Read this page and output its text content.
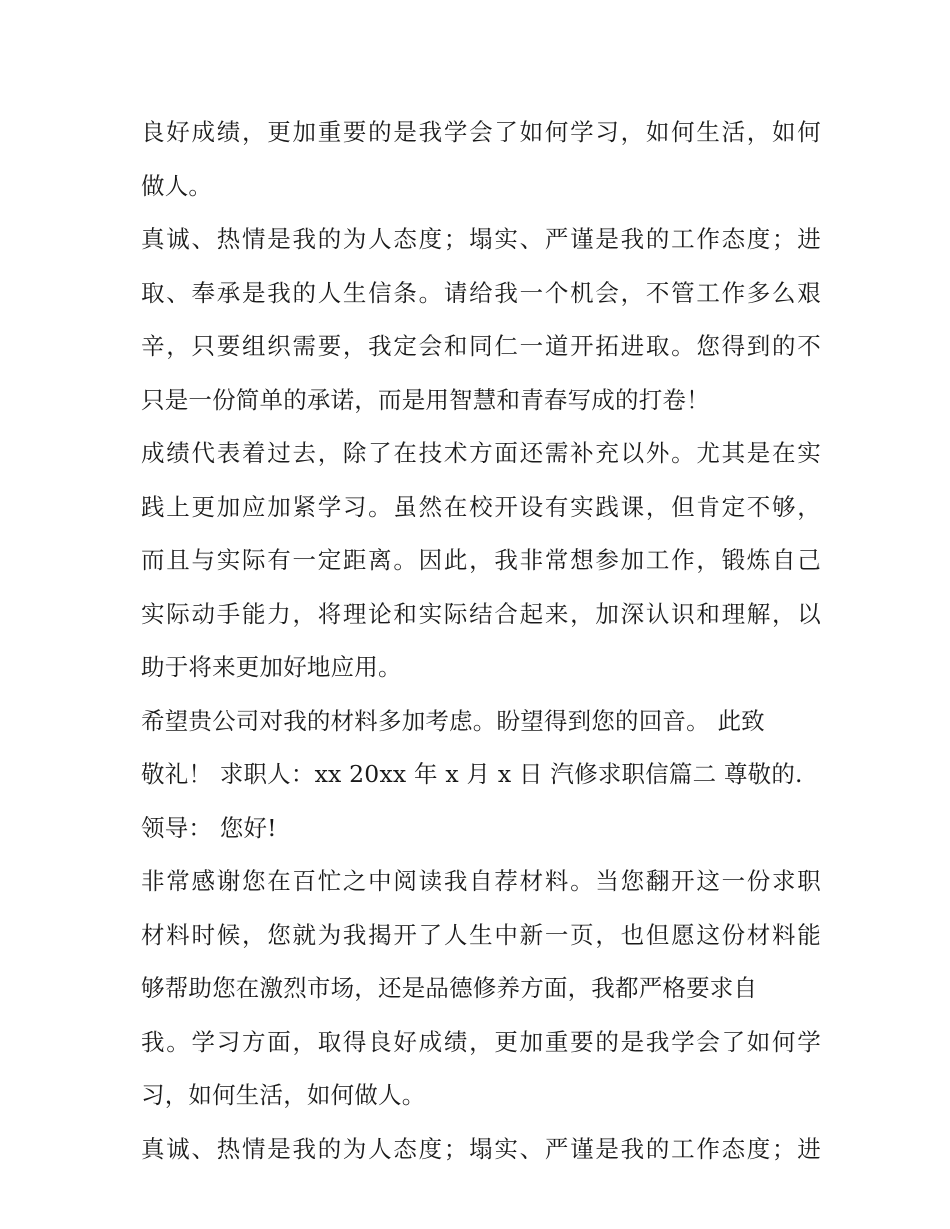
良好成绩，更加重要的是我学会了如何学习，如何生活，如何
做人。
真诚、热情是我的为人态度；塌实、严谨是我的工作态度；进
取、奉承是我的人生信条。请给我一个机会，不管工作多么艰
辛，只要组织需要，我定会和同仁一道开拓进取。您得到的不
只是一份简单的承诺，而是用智慧和青春写成的打卷！
成绩代表着过去，除了在技术方面还需补充以外。尤其是在实
践上更加应加紧学习。虽然在校开设有实践课，但肯定不够，
而且与实际有一定距离。因此，我非常想参加工作，锻炼自己
实际动手能力，将理论和实际结合起来，加深认识和理解，以
助于将来更加好地应用。
希望贵公司对我的材料多加考虑。盼望得到您的回音。 此致
敬礼！ 求职人：xx 20xx 年 x 月 x 日 汽修求职信篇二 尊敬的.
领导： 您好!
非常感谢您在百忙之中阅读我自荐材料。当您翻开这一份求职
材料时候，您就为我揭开了人生中新一页，也但愿这份材料能
够帮助您在激烈市场，还是品德修养方面，我都严格要求自
我。学习方面，取得良好成绩，更加重要的是我学会了如何学
习，如何生活，如何做人。
真诚、热情是我的为人态度；塌实、严谨是我的工作态度；进
